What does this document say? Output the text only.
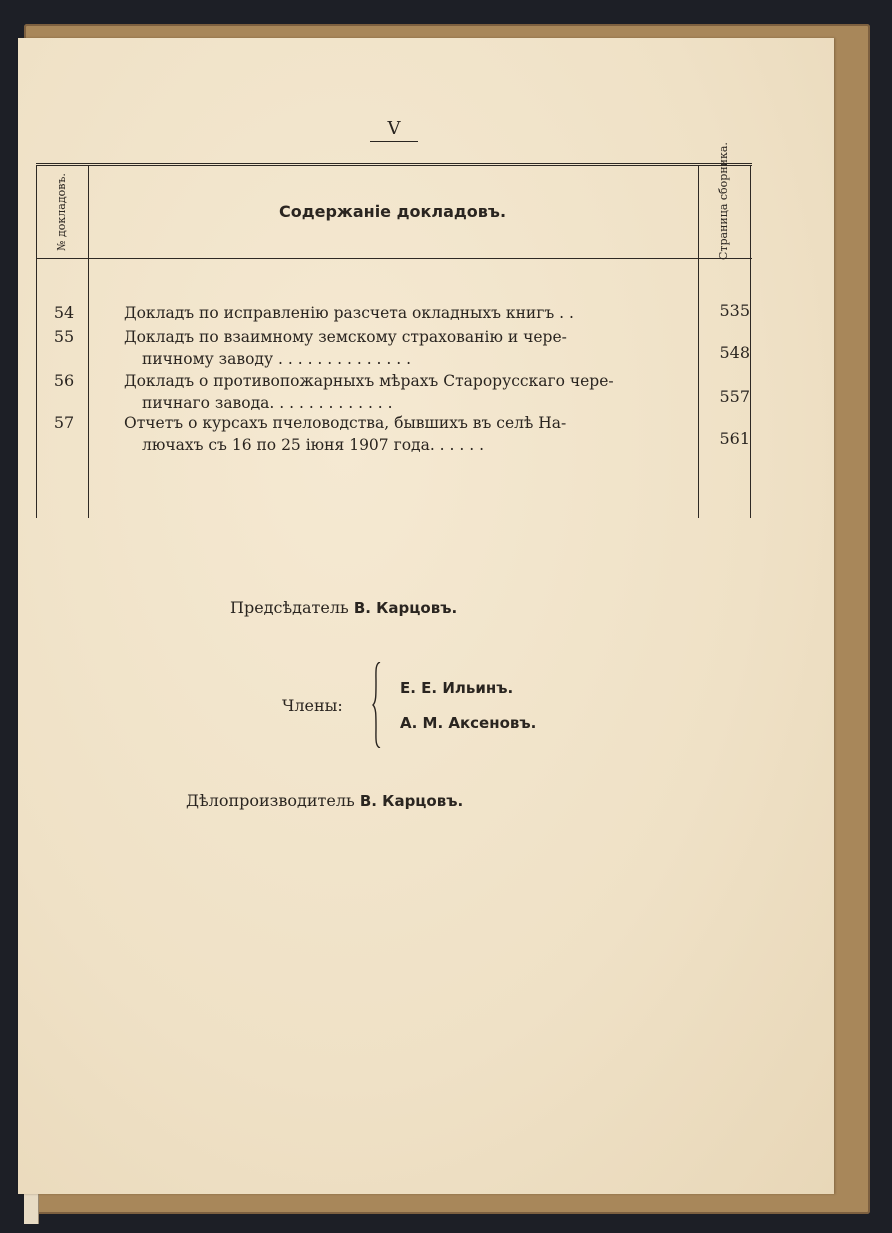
V
№ докладовъ.	Содержаніе докладовъ.	Страница сборника.
54	Докладъ по исправленію разсчета окладныхъ книгъ . .	535
55	Докладъ по взаимному земскому страхованію и чере-
пичному заводу . . . . . . . . . . . . . .	548
56	Докладъ о противопожарныхъ мѣрахъ Старорусскаго чере-
пичнаго завода. . . . . . . . . . . . .	557
57	Отчетъ о курсахъ пчеловодства, бывшихъ въ селѣ На-
лючахъ съ 16 по 25 іюня 1907 года. . . . . .	561
Предсѣдатель В. Карцовъ.
Члены:
Е. Е. Ильинъ.
А. М. Аксеновъ.
Дѣлопроизводитель В. Карцовъ.
